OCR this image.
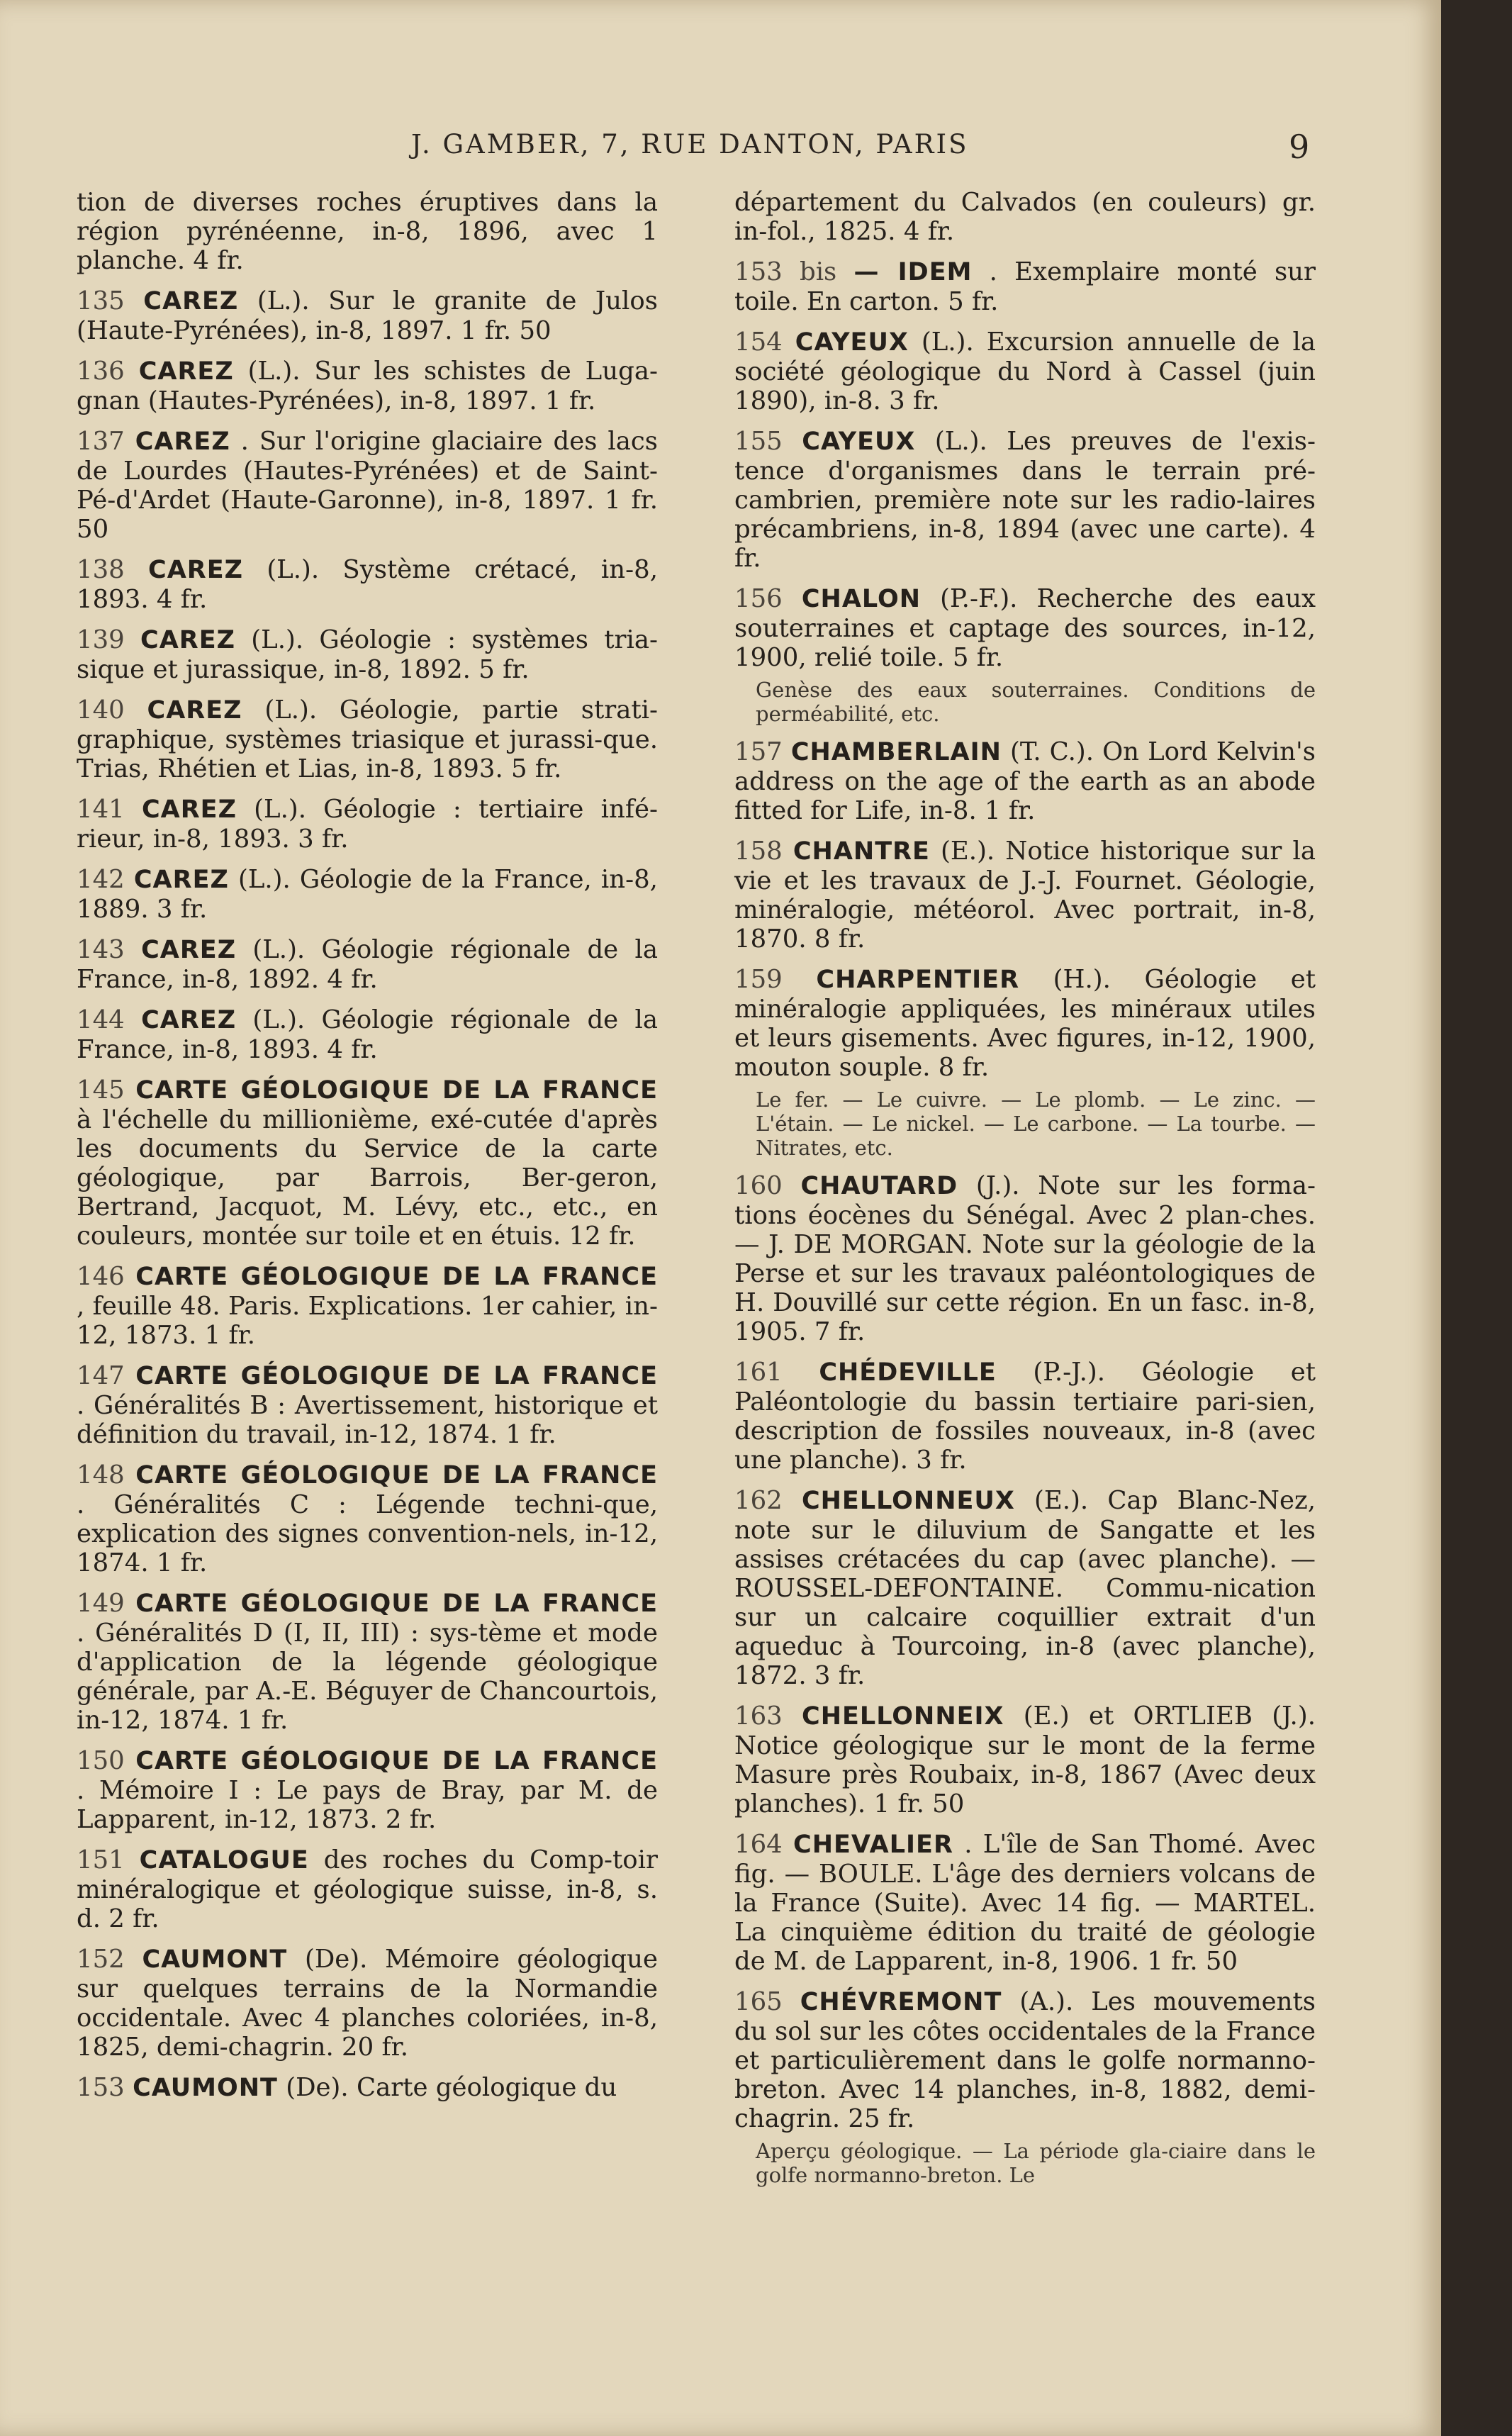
J. GAMBER, 7, RUE DANTON, PARIS	9
tion de diverses roches éruptives dans la région pyrénéenne, in-8, 1896, avec 1 planche. 4 fr.
135 CAREZ (L.). Sur le granite de Julos (Haute-Pyrénées), in-8, 1897. 1 fr. 50
136 CAREZ (L.). Sur les schistes de Luga-gnan (Hautes-Pyrénées), in-8, 1897. 1 fr.
137 CAREZ . Sur l'origine glaciaire des lacs de Lourdes (Hautes-Pyrénées) et de Saint-Pé-d'Ardet (Haute-Garonne), in-8, 1897. 1 fr. 50
138 CAREZ (L.). Système crétacé, in-8, 1893. 4 fr.
139 CAREZ (L.). Géologie : systèmes tria-sique et jurassique, in-8, 1892. 5 fr.
140 CAREZ (L.). Géologie, partie strati-graphique, systèmes triasique et jurassi-que. Trias, Rhétien et Lias, in-8, 1893. 5 fr.
141 CAREZ (L.). Géologie : tertiaire infé-rieur, in-8, 1893. 3 fr.
142 CAREZ (L.). Géologie de la France, in-8, 1889. 3 fr.
143 CAREZ (L.). Géologie régionale de la France, in-8, 1892. 4 fr.
144 CAREZ (L.). Géologie régionale de la France, in-8, 1893. 4 fr.
145 CARTE GÉOLOGIQUE DE LA FRANCE à l'échelle du millionième, exé-cutée d'après les documents du Service de la carte géologique, par Barrois, Ber-geron, Bertrand, Jacquot, M. Lévy, etc., etc., en couleurs, montée sur toile et en étuis. 12 fr.
146 CARTE GÉOLOGIQUE DE LA FRANCE , feuille 48. Paris. Explications. 1er cahier, in-12, 1873. 1 fr.
147 CARTE GÉOLOGIQUE DE LA FRANCE . Généralités B : Avertissement, historique et définition du travail, in-12, 1874. 1 fr.
148 CARTE GÉOLOGIQUE DE LA FRANCE . Généralités C : Légende techni-que, explication des signes convention-nels, in-12, 1874. 1 fr.
149 CARTE GÉOLOGIQUE DE LA FRANCE . Généralités D (I, II, III) : sys-tème et mode d'application de la légende géologique générale, par A.-E. Béguyer de Chancourtois, in-12, 1874. 1 fr.
150 CARTE GÉOLOGIQUE DE LA FRANCE . Mémoire I : Le pays de Bray, par M. de Lapparent, in-12, 1873. 2 fr.
151 CATALOGUE des roches du Comp-toir minéralogique et géologique suisse, in-8, s. d. 2 fr.
152 CAUMONT (De). Mémoire géologique sur quelques terrains de la Normandie occidentale. Avec 4 planches coloriées, in-8, 1825, demi-chagrin. 20 fr.
153 CAUMONT (De). Carte géologique du
département du Calvados (en couleurs) gr. in-fol., 1825. 4 fr.
153 bis — IDEM . Exemplaire monté sur toile. En carton. 5 fr.
154 CAYEUX (L.). Excursion annuelle de la société géologique du Nord à Cassel (juin 1890), in-8. 3 fr.
155 CAYEUX (L.). Les preuves de l'exis-tence d'organismes dans le terrain pré-cambrien, première note sur les radio-laires précambriens, in-8, 1894 (avec une carte). 4 fr.
156 CHALON (P.-F.). Recherche des eaux souterraines et captage des sources, in-12, 1900, relié toile. 5 fr.
Genèse des eaux souterraines. Conditions de perméabilité, etc.
157 CHAMBERLAIN (T. C.). On Lord Kelvin's address on the age of the earth as an abode fitted for Life, in-8. 1 fr.
158 CHANTRE (E.). Notice historique sur la vie et les travaux de J.-J. Fournet. Géologie, minéralogie, météorol. Avec portrait, in-8, 1870. 8 fr.
159 CHARPENTIER (H.). Géologie et minéralogie appliquées, les minéraux utiles et leurs gisements. Avec figures, in-12, 1900, mouton souple. 8 fr.
Le fer. — Le cuivre. — Le plomb. — Le zinc. — L'étain. — Le nickel. — Le carbone. — La tourbe. — Nitrates, etc.
160 CHAUTARD (J.). Note sur les forma-tions éocènes du Sénégal. Avec 2 plan-ches. — J. DE MORGAN. Note sur la géologie de la Perse et sur les travaux paléontologiques de H. Douvillé sur cette région. En un fasc. in-8, 1905. 7 fr.
161 CHÉDEVILLE (P.-J.). Géologie et Paléontologie du bassin tertiaire pari-sien, description de fossiles nouveaux, in-8 (avec une planche). 3 fr.
162 CHELLONNEUX (E.). Cap Blanc-Nez, note sur le diluvium de Sangatte et les assises crétacées du cap (avec planche). — ROUSSEL-DEFONTAINE. Commu-nication sur un calcaire coquillier extrait d'un aqueduc à Tourcoing, in-8 (avec planche), 1872. 3 fr.
163 CHELLONNEIX (E.) et ORTLIEB (J.). Notice géologique sur le mont de la ferme Masure près Roubaix, in-8, 1867 (Avec deux planches). 1 fr. 50
164 CHEVALIER . L'île de San Thomé. Avec fig. — BOULE. L'âge des derniers volcans de la France (Suite). Avec 14 fig. — MARTEL. La cinquième édition du traité de géologie de M. de Lapparent, in-8, 1906. 1 fr. 50
165 CHÉVREMONT (A.). Les mouvements du sol sur les côtes occidentales de la France et particulièrement dans le golfe normanno-breton. Avec 14 planches, in-8, 1882, demi-chagrin. 25 fr.
Aperçu géologique. — La période gla-ciaire dans le golfe normanno-breton. Le
